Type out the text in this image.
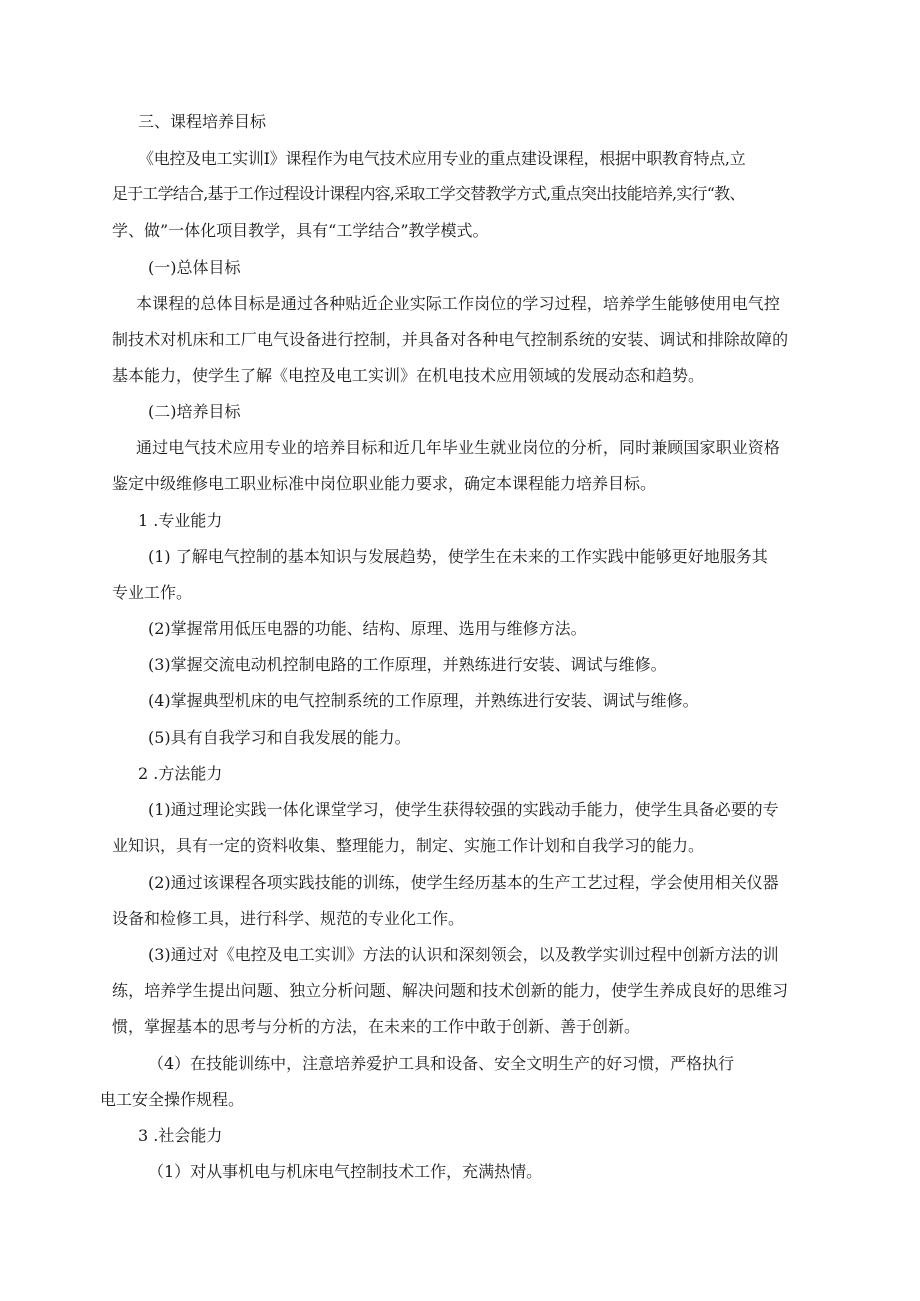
三、课程培养目标

《电控及电工实训Ⅰ》课程作为电气技术应用专业的重点建设课程，根据中职教育特点,立

足于工学结合,基于工作过程设计课程内容,采取工学交替教学方式,重点突出技能培养,实行“教、

学、做”一体化项目教学，具有“工学结合”教学模式。

(一)总体目标

本课程的总体目标是通过各种贴近企业实际工作岗位的学习过程，培养学生能够使用电气控

制技术对机床和工厂电气设备进行控制，并具备对各种电气控制系统的安装、调试和排除故障的

基本能力，使学生了解《电控及电工实训》在机电技术应用领域的发展动态和趋势。

(二)培养目标

通过电气技术应用专业的培养目标和近几年毕业生就业岗位的分析，同时兼顾国家职业资格

鉴定中级维修电工职业标准中岗位职业能力要求，确定本课程能力培养目标。

1 .专业能力

(1) 了解电气控制的基本知识与发展趋势，使学生在未来的工作实践中能够更好地服务其

专业工作。

(2)掌握常用低压电器的功能、结构、原理、选用与维修方法。

(3)掌握交流电动机控制电路的工作原理，并熟练进行安装、调试与维修。

(4)掌握典型机床的电气控制系统的工作原理，并熟练进行安装、调试与维修。

(5)具有自我学习和自我发展的能力。

2 .方法能力

(1)通过理论实践一体化课堂学习，使学生获得较强的实践动手能力，使学生具备必要的专

业知识，具有一定的资料收集、整理能力，制定、实施工作计划和自我学习的能力。

(2)通过该课程各项实践技能的训练，使学生经历基本的生产工艺过程，学会使用相关仪器

设备和检修工具，进行科学、规范的专业化工作。

(3)通过对《电控及电工实训》方法的认识和深刻领会，以及教学实训过程中创新方法的训

练，培养学生提出问题、独立分析问题、解决问题和技术创新的能力，使学生养成良好的思维习

惯，掌握基本的思考与分析的方法，在未来的工作中敢于创新、善于创新。

（4）在技能训练中，注意培养爱护工具和设备、安全文明生产的好习惯，严格执行

电工安全操作规程。

3 .社会能力

（1）对从事机电与机床电气控制技术工作，充满热情。
